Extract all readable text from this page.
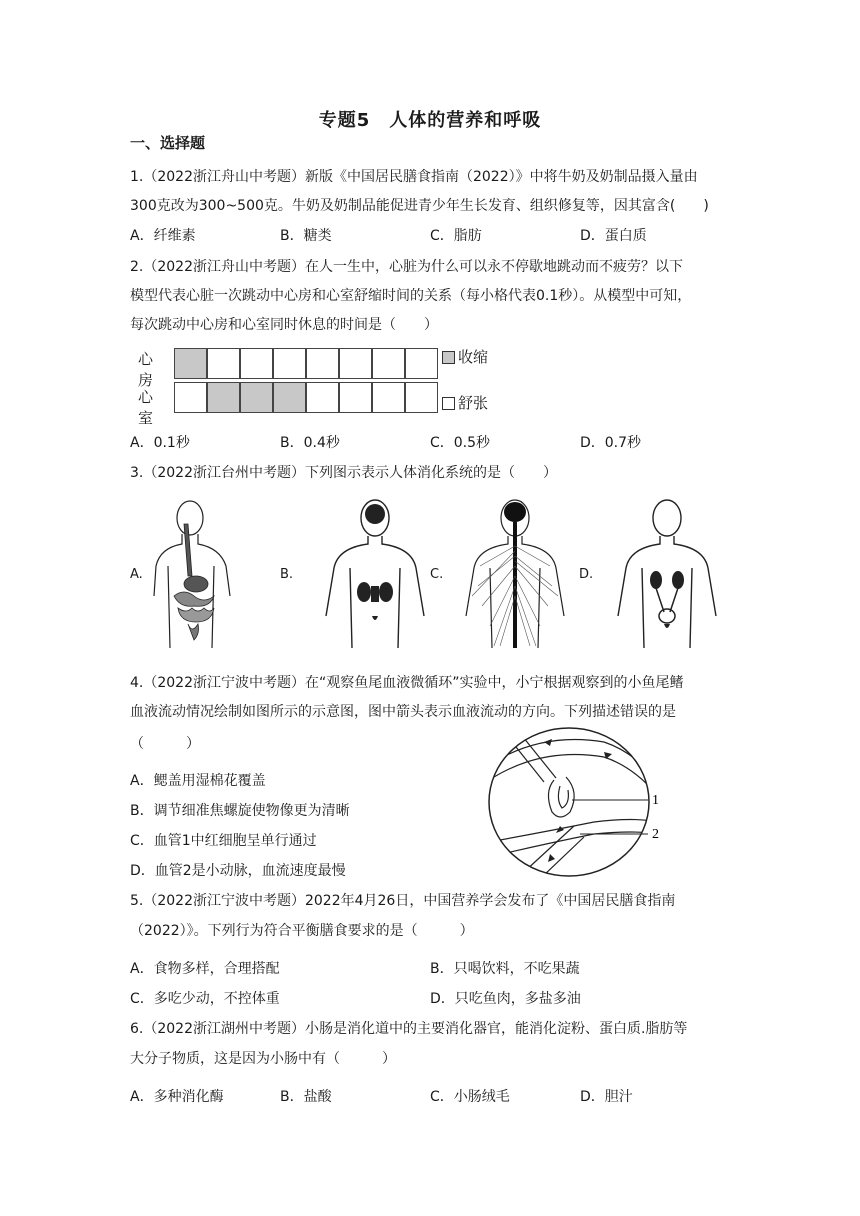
专题5　人体的营养和呼吸
一、选择题
1.（2022浙江舟山中考题）新版《中国居民膳食指南（2022）》中将牛奶及奶制品摄入量由
300克改为300~500克。牛奶及奶制品能促进青少年生长发育、组织修复等，因其富含(　　)
A．纤维素	B．糖类	C．脂肪	D．蛋白质
2.（2022浙江舟山中考题）在人一生中，心脏为什么可以永不停歇地跳动而不疲劳？以下
模型代表心脏一次跳动中心房和心室舒缩时间的关系（每小格代表0.1秒）。从模型中可知，
每次跳动中心房和心室同时休息的时间是（　　）
心房
心室
收缩
舒张
A．0.1秒	B．0.4秒	C．0.5秒	D．0.7秒
3.（2022浙江台州中考题）下列图示表示人体消化系统的是（　　）
A.	B.	C.	D.
4.（2022浙江宁波中考题）在“观察鱼尾血液微循环”实验中，小宁根据观察到的小鱼尾鳍
血液流动情况绘制如图所示的示意图，图中箭头表示血液流动的方向。下列描述错误的是
（　　　）
A．鳃盖用湿棉花覆盖
B．调节细准焦螺旋使物像更为清晰
C．血管1中红细胞呈单行通过
D．血管2是小动脉，血流速度最慢
1
2
5.（2022浙江宁波中考题）2022年4月26日，中国营养学会发布了《中国居民膳食指南
（2022）》。下列行为符合平衡膳食要求的是（　　　）
A．食物多样，合理搭配	B．只喝饮料，不吃果蔬
C．多吃少动，不控体重	D．只吃鱼肉，多盐多油
6.（2022浙江湖州中考题）小肠是消化道中的主要消化器官，能消化淀粉、蛋白质.脂肪等
大分子物质，这是因为小肠中有（　　　）
A．多种消化酶	B．盐酸	C．小肠绒毛	D．胆汁
